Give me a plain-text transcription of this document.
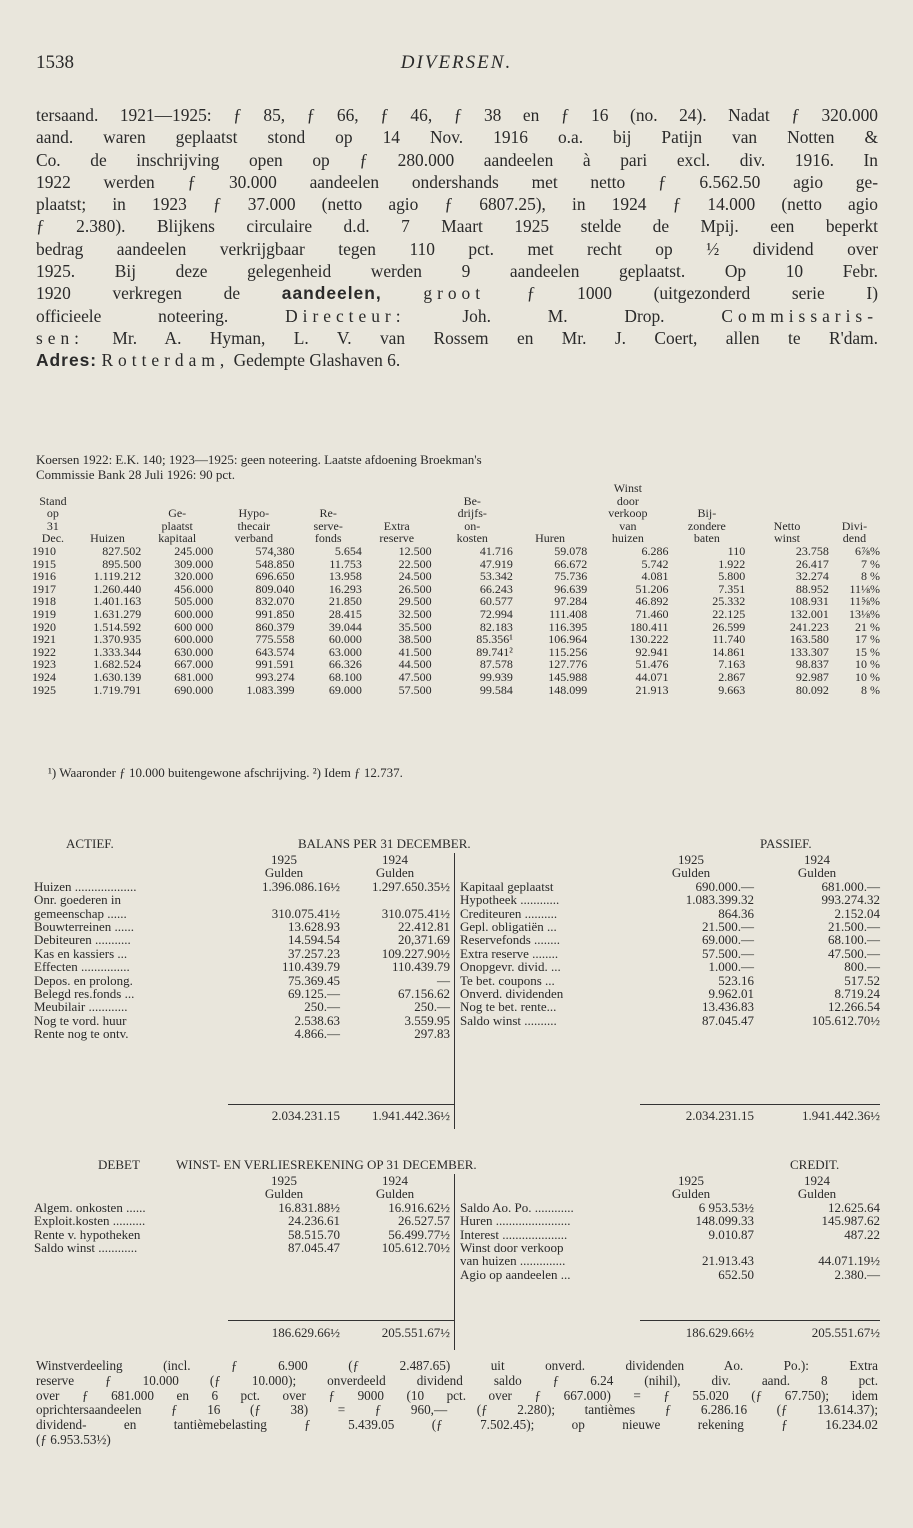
1538	DIVERSEN.

tersaand. 1921—1925: ƒ 85, ƒ 66, ƒ 46, ƒ 38 en ƒ 16 (no. 24). Nadat ƒ 320.000

aand. waren geplaatst stond op 14 Nov. 1916 o.a. bij Patijn van Notten &

Co. de inschrijving open op ƒ 280.000 aandeelen à pari excl. div. 1916. In

1922 werden ƒ 30.000 aandeelen ondershands met netto ƒ 6.562.50 agio ge-

plaatst; in 1923 ƒ 37.000 (netto agio ƒ 6807.25), in 1924 ƒ 14.000 (netto agio

ƒ 2.380). Blijkens circulaire d.d. 7 Maart 1925 stelde de Mpij. een beperkt

bedrag aandeelen verkrijgbaar tegen 110 pct. met recht op ½ dividend over

1925. Bij deze gelegenheid werden 9 aandeelen geplaatst. Op 10 Febr.

1920 verkregen de aandeelen, groot ƒ 1000 (uitgezonderd serie I)

officieele noteering. Directeur: Joh. M. Drop. Commissaris-

sen: Mr. A. Hyman, L. V. van Rossem en Mr. J. Coert, allen te R'dam.

Adres: Rotterdam, Gedempte Glashaven 6.

Koersen 1922: E.K. 140; 1923—1925: geen noteering. Laatste afdoening Broekman's

Commissie Bank 28 Juli 1926: 90 pct.

								Winst			
Stand						Be-		door			
op		Ge-	Hypo-	Re-		drijfs-		verkoop	Bij-		
31		plaatst	thecair	serve-	Extra	on-		van	zondere	Netto	Divi-
Dec.	Huizen	kapitaal	verband	fonds	reserve	kosten	Huren	huizen	baten	winst	dend
1910	827.502	245.000	574,380	5.654	12.500	41.716	59.078	6.286	110	23.758	6⅞%
1915	895.500	309.000	548.850	11.753	22.500	47.919	66.672	5.742	1.922	26.417	7 %
1916	1.119.212	320.000	696.650	13.958	24.500	53.342	75.736	4.081	5.800	32.274	8 %
1917	1.260.440	456.000	809.040	16.293	26.500	66.243	96.639	51.206	7.351	88.952	11⅛%
1918	1.401.163	505.000	832.070	21.850	29.500	60.577	97.284	46.892	25.332	108.931	11⅝%
1919	1.631.279	600.000	991.850	28.415	32.500	72.994	111.408	71.460	22.125	132.001	13⅛%
1920	1.514.592	600 000	860.379	39.044	35.500	82.183	116.395	180.411	26.599	241.223	21 %
1921	1.370.935	600.000	775.558	60.000	38.500	85.356¹	106.964	130.222	11.740	163.580	17 %
1922	1.333.344	630.000	643.574	63.000	41.500	89.741²	115.256	92.941	14.861	133.307	15 %
1923	1.682.524	667.000	991.591	66.326	44.500	87.578	127.776	51.476	7.163	98.837	10 %
1924	1.630.139	681.000	993.274	68.100	47.500	99.939	145.988	44.071	2.867	92.987	10 %
1925	1.719.791	690.000	1.083.399	69.000	57.500	99.584	148.099	21.913	9.663	80.092	8 %
¹) Waaronder ƒ 10.000 buitengewone afschrijving. ²) Idem ƒ 12.737.
ACTIEF.	BALANS PER 31 DECEMBER.	PASSIEF.
	1925	1924
	Gulden	Gulden
Huizen ...................	1.396.086.16½	1.297.650.35½
Onr. goederen in		
gemeenschap ......	310.075.41½	310.075.41½
Bouwterreinen ......	13.628.93	22.412.81
Debiteuren ...........	14.594.54	20,371.69
Kas en kassiers ...	37.257.23	109.227.90½
Effecten ...............	110.439.79	110.439.79
Depos. en prolong.	75.369.45	—
Belegd res.fonds ...	69.125.—	67.156.62
Meubilair ............	250.—	250.—
Nog te vord. huur	2.538.63	3.559.95
Rente nog te ontv.	4.866.—	297.83
	1925	1924
	Gulden	Gulden
Kapitaal geplaatst	690.000.—	681.000.—
Hypotheek ............	1.083.399.32	993.274.32
Crediteuren ..........	864.36	2.152.04
Gepl. obligatiën ...	21.500.—	21.500.—
Reservefonds ........	69.000.—	68.100.—
Extra reserve ........	57.500.—	47.500.—
Onopgevr. divid. ...	1.000.—	800.—
Te bet. coupons ...	523.16	517.52
Onverd. dividenden	9.962.01	8.719.24
Nog te bet. rente...	13.436.83	12.266.54
Saldo winst ..........	87.045.47	105.612.70½
	2.034.231.15	1.941.442.36½
		2.034.231.15	1.941.442.36½
DEBET	WINST- EN VERLIESREKENING OP 31 DECEMBER.	CREDIT.
	1925	1924
	Gulden	Gulden
Algem. onkosten ......	16.831.88½	16.916.62½
Exploit.kosten ..........	24.236.61	26.527.57
Rente v. hypotheken	58.515.70	56.499.77½
Saldo winst ............	87.045.47	105.612.70½
	1925	1924
	Gulden	Gulden
Saldo Ao. Po. ............	6 953.53½	12.625.64
Huren .......................	148.099.33	145.987.62
Interest ....................	9.010.87	487.22
Winst door verkoop		
van huizen ..............	21.913.43	44.071.19½
Agio op aandeelen ...	652.50	2.380.—
	186.629.66½	205.551.67½
		186.629.66½	205.551.67½

Winstverdeeling (incl. ƒ 6.900 (ƒ 2.487.65) uit onverd. dividenden Ao. Po.): Extra

reserve ƒ 10.000 (ƒ 10.000); onverdeeld dividend saldo ƒ 6.24 (nihil), div. aand. 8 pct.

over ƒ 681.000 en 6 pct. over ƒ 9000 (10 pct. over ƒ 667.000) = ƒ 55.020 (ƒ 67.750); idem

oprichtersaandeelen ƒ 16 (ƒ 38) = ƒ 960,— (ƒ 2.280); tantièmes ƒ 6.286.16 (ƒ 13.614.37);

dividend- en tantièmebelasting ƒ 5.439.05 (ƒ 7.502.45); op nieuwe rekening ƒ 16.234.02

(ƒ 6.953.53½)
